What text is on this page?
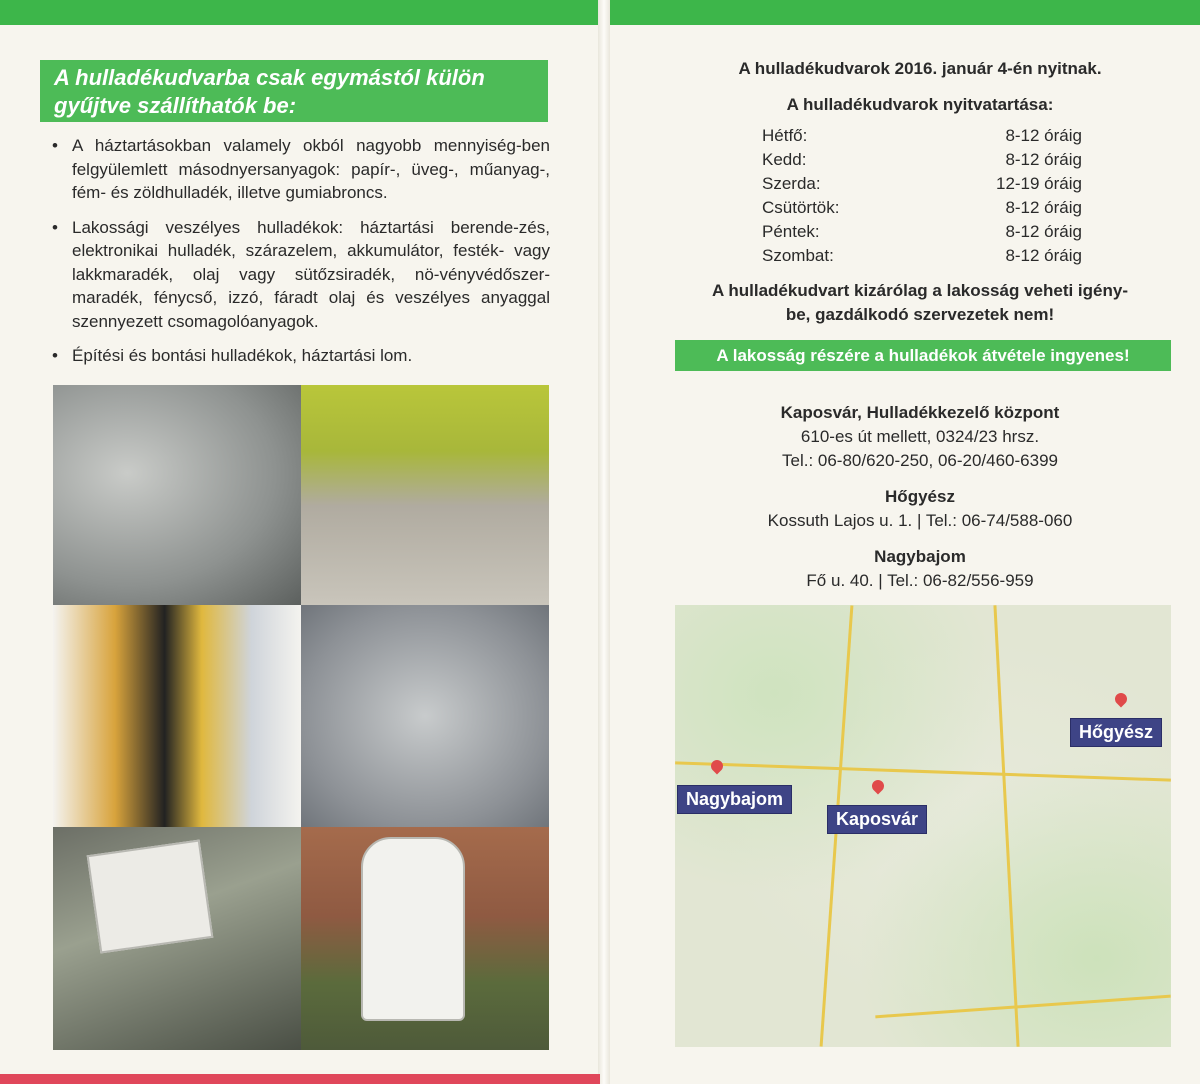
A hulladékudvarba csak egymástól külön gyűjtve szállíthatók be:
• A háztartásokban valamely okból nagyobb mennyiség-ben felgyülemlett másodnyersanyagok: papír-, üveg-, műanyag-, fém- és zöldhulladék, illetve gumiabroncs.
• Lakossági veszélyes hulladékok: háztartási berende-zés, elektronikai hulladék, szárazelem, akkumulátor, festék- vagy lakkmaradék, olaj vagy sütőzsiradék, nö-vényvédőszer-maradék, fénycső, izzó, fáradt olaj és veszélyes anyaggal szennyezett csomagolóanyagok.
• Építési és bontási hulladékok, háztartási lom.
A hulladékudvarok 2016. január 4-én nyitnak.
A hulladékudvarok nyitvatartása:
Hétfő:	8-12 óráig
Kedd:	8-12 óráig
Szerda:	12-19 óráig
Csütörtök:	8-12 óráig
Péntek:	8-12 óráig
Szombat:	8-12 óráig
A hulladékudvart kizárólag a lakosság veheti igény-
be, gazdálkodó szervezetek nem!
A lakosság részére a hulladékok átvétele ingyenes!
Kaposvár, Hulladékkezelő központ
610-es út mellett, 0324/23 hrsz.
Tel.: 06-80/620-250, 06-20/460-6399
Hőgyész
Kossuth Lajos u. 1. | Tel.: 06-74/588-060
Nagybajom
Fő u. 40. | Tel.: 06-82/556-959
Hőgyész
Nagybajom
Kaposvár
